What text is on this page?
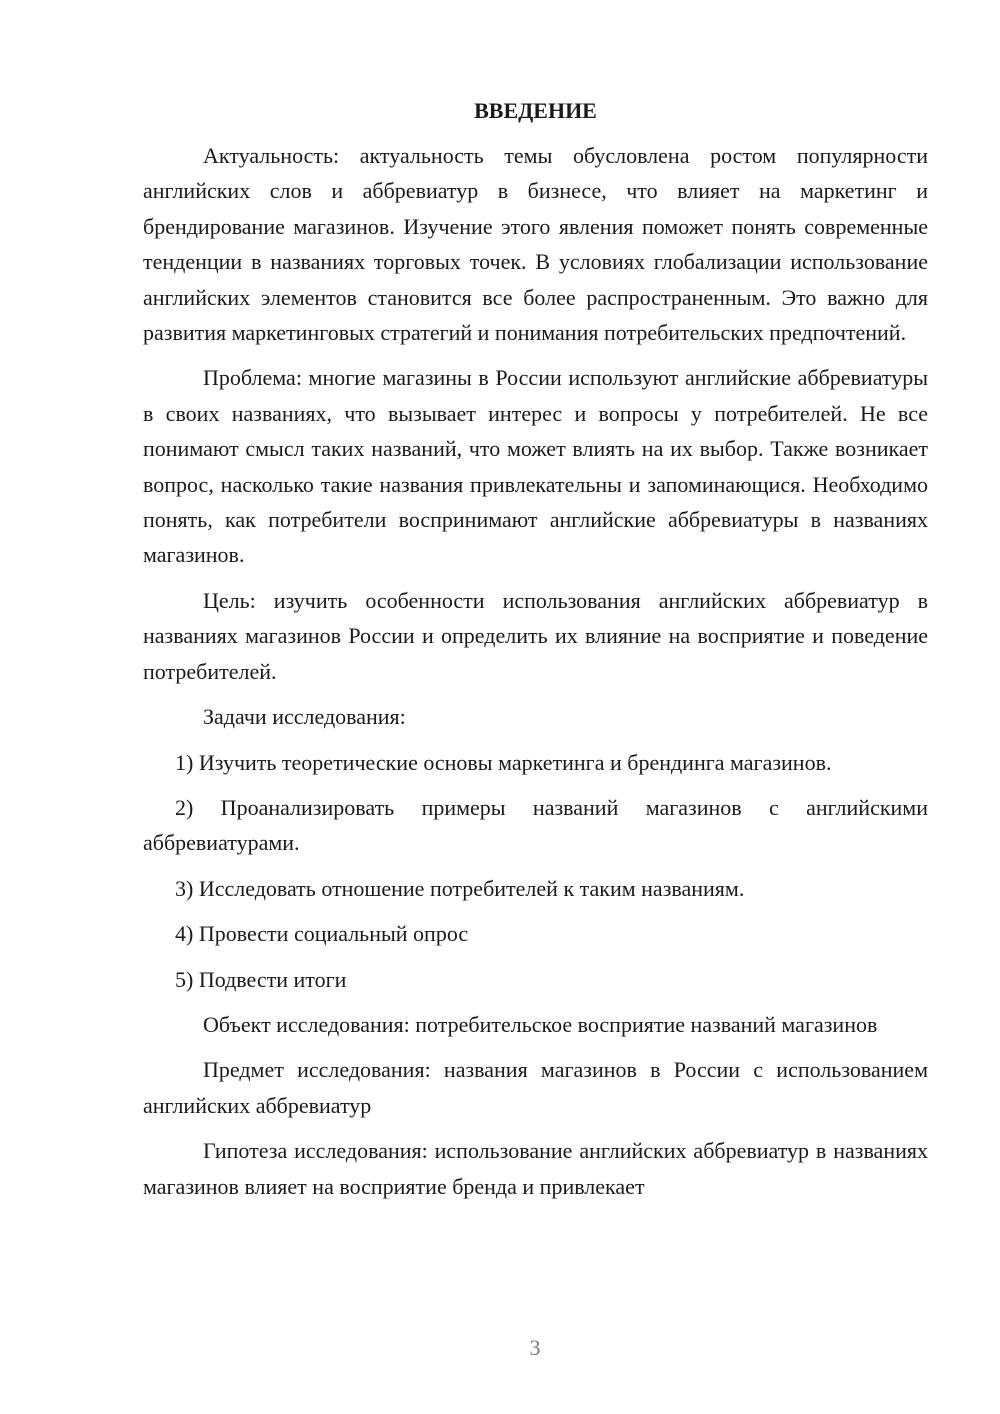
ВВЕДЕНИЕ

Актуальность: актуальность темы обусловлена ростом популярности английских слов и аббревиатур в бизнесе, что влияет на маркетинг и брендирование магазинов. Изучение этого явления поможет понять современные тенденции в названиях торговых точек. В условиях глобализации использование английских элементов становится все более распространенным. Это важно для развития маркетинговых стратегий и понимания потребительских предпочтений.

Проблема: многие магазины в России используют английские аббревиатуры в своих названиях, что вызывает интерес и вопросы у потребителей. Не все понимают смысл таких названий, что может влиять на их выбор. Также возникает вопрос, насколько такие названия привлекательны и запоминающися. Необходимо понять, как потребители воспринимают английские аббревиатуры в названиях магазинов.

Цель: изучить особенности использования английских аббревиатур в названиях магазинов России и определить их влияние на восприятие и поведение потребителей.

Задачи исследования:

1) Изучить теоретические основы маркетинга и брендинга магазинов.

2) Проанализировать примеры названий магазинов с английскими аббревиатурами.

3) Исследовать отношение потребителей к таким названиям.

4) Провести социальный опрос

5) Подвести итоги

Объект исследования: потребительское восприятие названий магазинов

Предмет исследования: названия магазинов в России с использованием английских аббревиатур

Гипотеза исследования: использование английских аббревиатур в названиях магазинов влияет на восприятие бренда и привлекает

3
